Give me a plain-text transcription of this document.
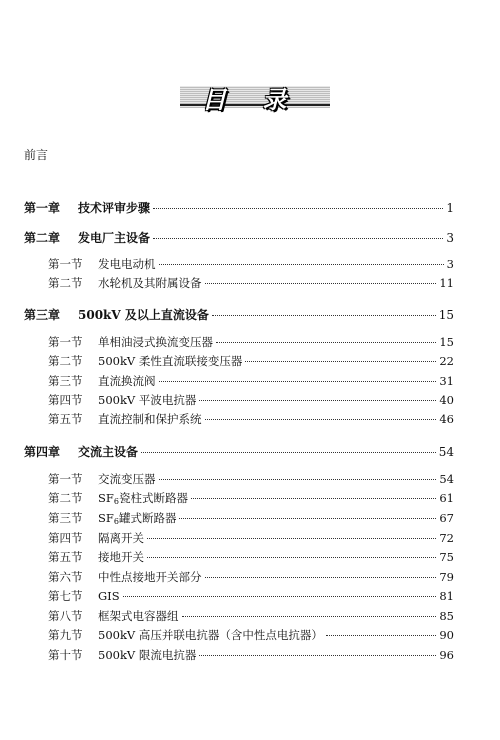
目 录
前言
第一章	技术评审步骤	1
第二章	发电厂主设备	3
第一节	发电电动机	3
第二节	水轮机及其附属设备	11
第三章	500kV 及以上直流设备	15
第一节	单相油浸式换流变压器	15
第二节	500kV 柔性直流联接变压器	22
第三节	直流换流阀	31
第四节	500kV 平波电抗器	40
第五节	直流控制和保护系统	46
第四章	交流主设备	54
第一节	交流变压器	54
第二节	$SF_6$瓷柱式断路器	61
第三节	$SF_6$罐式断路器	67
第四节	隔离开关	72
第五节	接地开关	75
第六节	中性点接地开关部分	79
第七节	GIS	81
第八节	框架式电容器组	85
第九节	500kV 高压并联电抗器（含中性点电抗器）	90
第十节	500kV 限流电抗器	96
